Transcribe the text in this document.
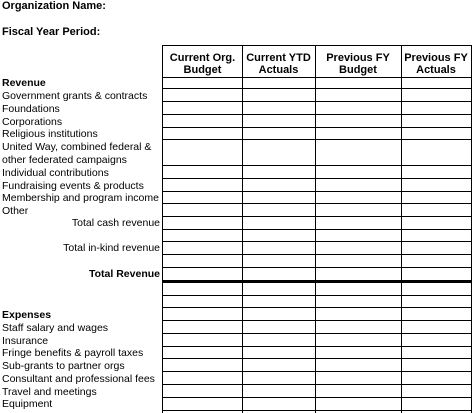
Organization Name:
Fiscal Year Period:
Current Org.
Budget
Current YTD
Actuals
Previous FY
Budget
Previous FY
Actuals
Revenue
Government grants & contracts
Foundations
Corporations
Religious institutions
United Way, combined federal &
other federated campaigns
Individual contributions
Fundraising events & products
Membership and program income
Other
Total cash revenue
Total in-kind revenue
Total Revenue
Expenses
Staff salary and wages
Insurance
Fringe benefits & payroll taxes
Sub-grants to partner orgs
Consultant and professional fees
Travel and meetings
Equipment
